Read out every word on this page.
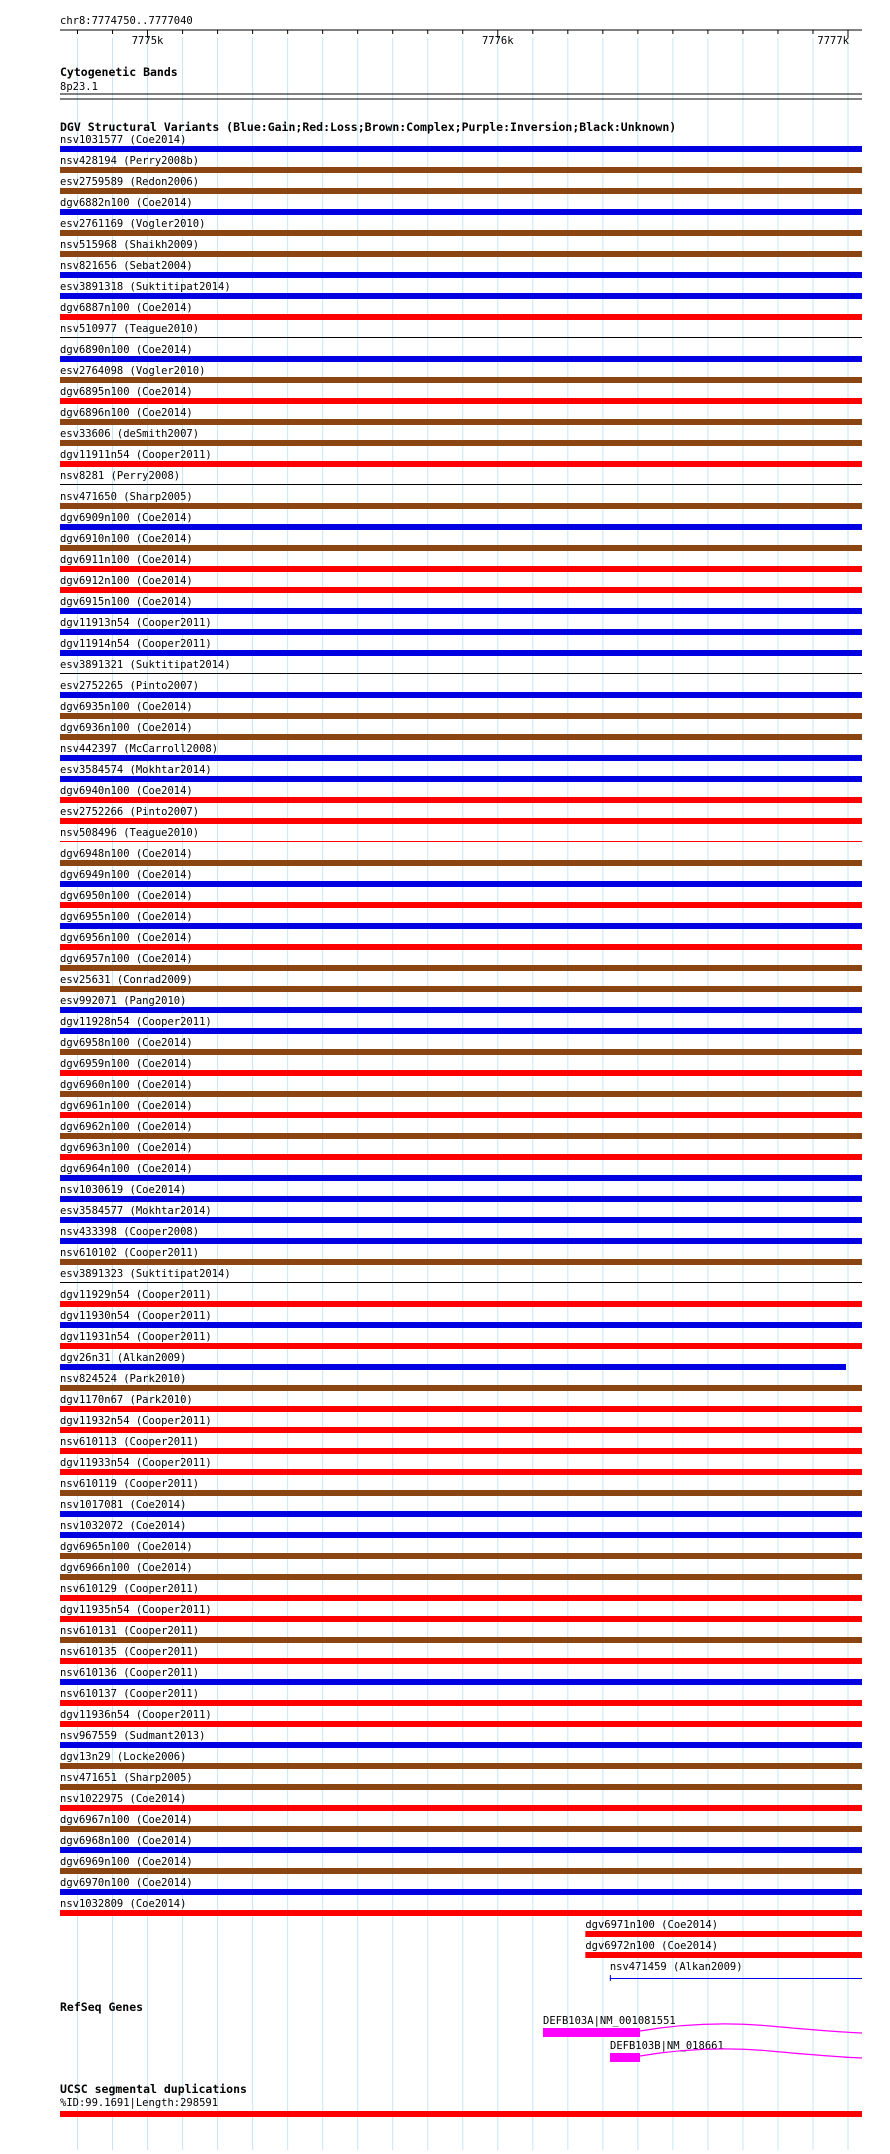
chr8:7774750..7777040
7775k	7776k	7777k
Cytogenetic Bands
8p23.1
DGV Structural Variants (Blue:Gain;Red:Loss;Brown:Complex;Purple:Inversion;Black:Unknown)
nsv1031577 (Coe2014)
nsv428194 (Perry2008b)
esv2759589 (Redon2006)
dgv6882n100 (Coe2014)
esv2761169 (Vogler2010)
nsv515968 (Shaikh2009)
nsv821656 (Sebat2004)
esv3891318 (Suktitipat2014)
dgv6887n100 (Coe2014)
nsv510977 (Teague2010)
dgv6890n100 (Coe2014)
esv2764098 (Vogler2010)
dgv6895n100 (Coe2014)
dgv6896n100 (Coe2014)
esv33606 (deSmith2007)
dgv11911n54 (Cooper2011)
nsv8281 (Perry2008)
nsv471650 (Sharp2005)
dgv6909n100 (Coe2014)
dgv6910n100 (Coe2014)
dgv6911n100 (Coe2014)
dgv6912n100 (Coe2014)
dgv6915n100 (Coe2014)
dgv11913n54 (Cooper2011)
dgv11914n54 (Cooper2011)
esv3891321 (Suktitipat2014)
esv2752265 (Pinto2007)
dgv6935n100 (Coe2014)
dgv6936n100 (Coe2014)
nsv442397 (McCarroll2008)
esv3584574 (Mokhtar2014)
dgv6940n100 (Coe2014)
esv2752266 (Pinto2007)
nsv508496 (Teague2010)
dgv6948n100 (Coe2014)
dgv6949n100 (Coe2014)
dgv6950n100 (Coe2014)
dgv6955n100 (Coe2014)
dgv6956n100 (Coe2014)
dgv6957n100 (Coe2014)
esv25631 (Conrad2009)
esv992071 (Pang2010)
dgv11928n54 (Cooper2011)
dgv6958n100 (Coe2014)
dgv6959n100 (Coe2014)
dgv6960n100 (Coe2014)
dgv6961n100 (Coe2014)
dgv6962n100 (Coe2014)
dgv6963n100 (Coe2014)
dgv6964n100 (Coe2014)
nsv1030619 (Coe2014)
esv3584577 (Mokhtar2014)
nsv433398 (Cooper2008)
nsv610102 (Cooper2011)
esv3891323 (Suktitipat2014)
dgv11929n54 (Cooper2011)
dgv11930n54 (Cooper2011)
dgv11931n54 (Cooper2011)
dgv26n31 (Alkan2009)
nsv824524 (Park2010)
dgv1170n67 (Park2010)
dgv11932n54 (Cooper2011)
nsv610113 (Cooper2011)
dgv11933n54 (Cooper2011)
nsv610119 (Cooper2011)
nsv1017081 (Coe2014)
nsv1032072 (Coe2014)
dgv6965n100 (Coe2014)
dgv6966n100 (Coe2014)
nsv610129 (Cooper2011)
dgv11935n54 (Cooper2011)
nsv610131 (Cooper2011)
nsv610135 (Cooper2011)
nsv610136 (Cooper2011)
nsv610137 (Cooper2011)
dgv11936n54 (Cooper2011)
nsv967559 (Sudmant2013)
dgv13n29 (Locke2006)
nsv471651 (Sharp2005)
nsv1022975 (Coe2014)
dgv6967n100 (Coe2014)
dgv6968n100 (Coe2014)
dgv6969n100 (Coe2014)
dgv6970n100 (Coe2014)
nsv1032809 (Coe2014)
dgv6971n100 (Coe2014)
dgv6972n100 (Coe2014)
nsv471459 (Alkan2009)
RefSeq Genes
DEFB103A|NM_001081551
DEFB103B|NM_018661
UCSC segmental duplications
%ID:99.1691|Length:298591
